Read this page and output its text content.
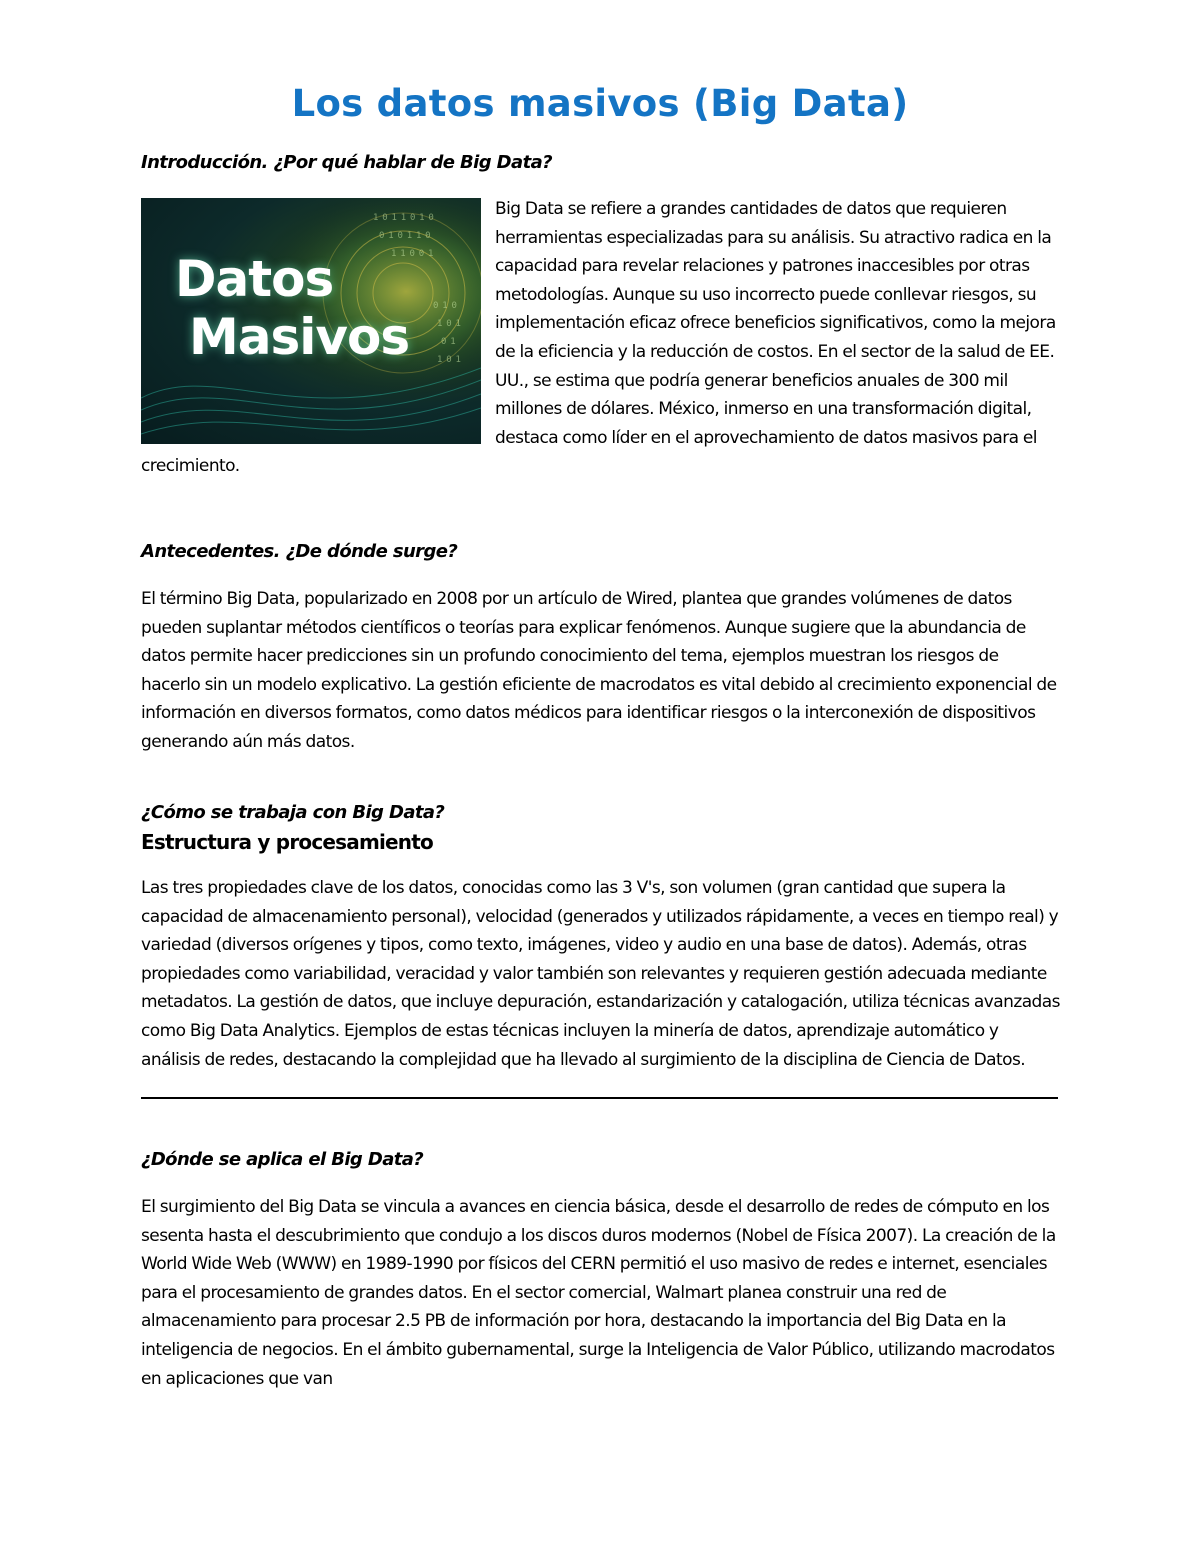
Los datos masivos (Big Data)
Introducción. ¿Por qué hablar de Big Data?
1 0 1 1 0 1 0
0 1 0 1 1 0
1 1 0 0 1
0 1 0
1 0 1
0 1
1 0 1

Datos
Masivos

Big Data se refiere a grandes cantidades de datos que requieren herramientas especializadas para su análisis. Su atractivo radica en la capacidad para revelar relaciones y patrones inaccesibles por otras metodologías. Aunque su uso incorrecto puede conllevar riesgos, su implementación eficaz ofrece beneficios significativos, como la mejora de la eficiencia y la reducción de costos. En el sector de la salud de EE. UU., se estima que podría generar beneficios anuales de 300 mil millones de dólares. México, inmerso en una transformación digital, destaca como líder en el aprovechamiento de datos masivos para el crecimiento.
Antecedentes. ¿De dónde surge?

El término Big Data, popularizado en 2008 por un artículo de Wired, plantea que grandes volúmenes de datos pueden suplantar métodos científicos o teorías para explicar fenómenos. Aunque sugiere que la abundancia de datos permite hacer predicciones sin un profundo conocimiento del tema, ejemplos muestran los riesgos de hacerlo sin un modelo explicativo. La gestión eficiente de macrodatos es vital debido al crecimiento exponencial de información en diversos formatos, como datos médicos para identificar riesgos o la interconexión de dispositivos generando aún más datos.

¿Cómo se trabaja con Big Data?
Estructura y procesamiento

Las tres propiedades clave de los datos, conocidas como las 3 V's, son volumen (gran cantidad que supera la capacidad de almacenamiento personal), velocidad (generados y utilizados rápidamente, a veces en tiempo real) y variedad (diversos orígenes y tipos, como texto, imágenes, video y audio en una base de datos). Además, otras propiedades como variabilidad, veracidad y valor también son relevantes y requieren gestión adecuada mediante metadatos. La gestión de datos, que incluye depuración, estandarización y catalogación, utiliza técnicas avanzadas como Big Data Analytics. Ejemplos de estas técnicas incluyen la minería de datos, aprendizaje automático y análisis de redes, destacando la complejidad que ha llevado al surgimiento de la disciplina de Ciencia de Datos.

¿Dónde se aplica el Big Data?

El surgimiento del Big Data se vincula a avances en ciencia básica, desde el desarrollo de redes de cómputo en los sesenta hasta el descubrimiento que condujo a los discos duros modernos (Nobel de Física 2007). La creación de la World Wide Web (WWW) en 1989-1990 por físicos del CERN permitió el uso masivo de redes e internet, esenciales para el procesamiento de grandes datos. En el sector comercial, Walmart planea construir una red de almacenamiento para procesar 2.5 PB de información por hora, destacando la importancia del Big Data en la inteligencia de negocios. En el ámbito gubernamental, surge la Inteligencia de Valor Público, utilizando macrodatos en aplicaciones que van
